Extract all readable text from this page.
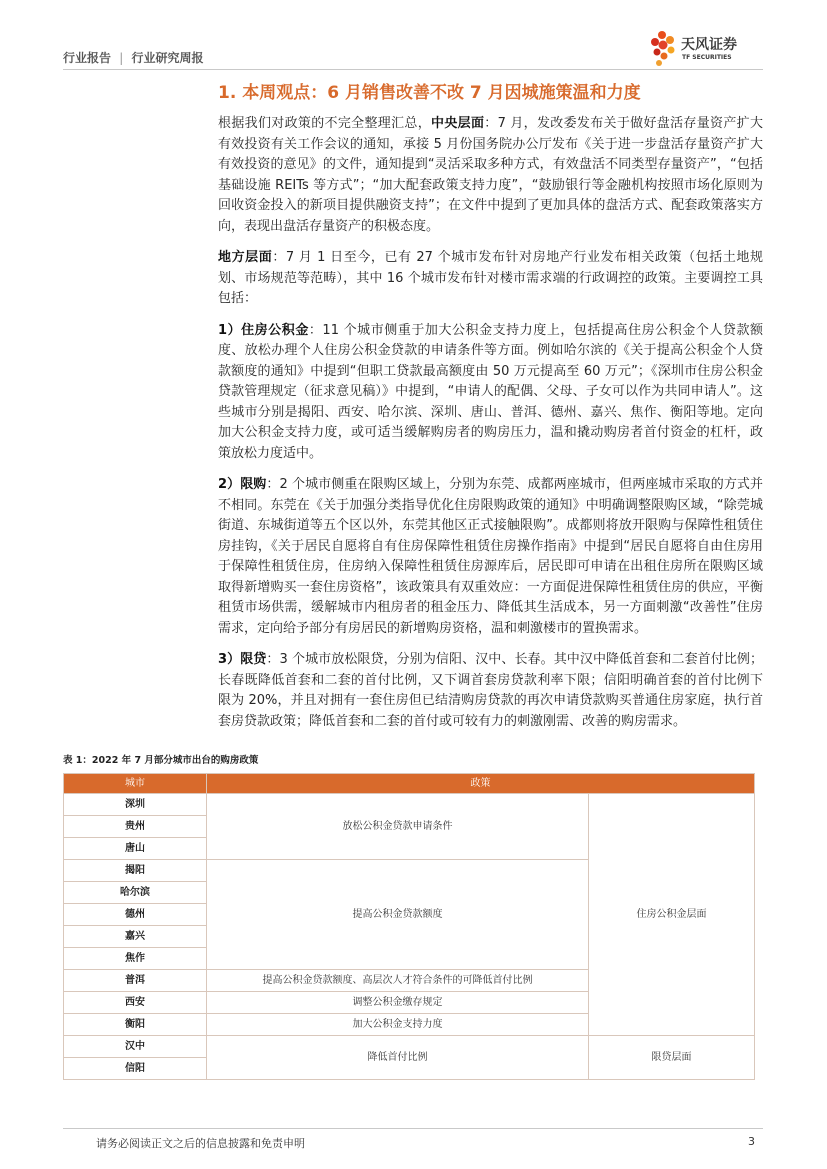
行业报告 | 行业研究周报
天风证券
TF SECURITIES
1. 本周观点：6 月销售改善不改 7 月因城施策温和力度

根据我们对政策的不完全整理汇总，中央层面：7 月，发改委发布关于做好盘活存量资产扩大有效投资有关工作会议的通知，承接 5 月份国务院办公厅发布《关于进一步盘活存量资产扩大有效投资的意见》的文件，通知提到“灵活采取多种方式，有效盘活不同类型存量资产”，“包括基础设施 REITs 等方式”；“加大配套政策支持力度”，“鼓励银行等金融机构按照市场化原则为回收资金投入的新项目提供融资支持”；在文件中提到了更加具体的盘活方式、配套政策落实方向，表现出盘活存量资产的积极态度。

地方层面：7 月 1 日至今，已有 27 个城市发布针对房地产行业发布相关政策（包括土地规划、市场规范等范畴），其中 16 个城市发布针对楼市需求端的行政调控的政策。主要调控工具包括：

1）住房公积金：11 个城市侧重于加大公积金支持力度上，包括提高住房公积金个人贷款额度、放松办理个人住房公积金贷款的申请条件等方面。例如哈尔滨的《关于提高公积金个人贷款额度的通知》中提到“但职工贷款最高额度由 50 万元提高至 60 万元”；《深圳市住房公积金贷款管理规定（征求意见稿）》中提到，“申请人的配偶、父母、子女可以作为共同申请人”。这些城市分别是揭阳、西安、哈尔滨、深圳、唐山、普洱、德州、嘉兴、焦作、衡阳等地。定向加大公积金支持力度，或可适当缓解购房者的购房压力，温和撬动购房者首付资金的杠杆，政策放松力度适中。

2）限购：2 个城市侧重在限购区域上，分别为东莞、成都两座城市，但两座城市采取的方式并不相同。东莞在《关于加强分类指导优化住房限购政策的通知》中明确调整限购区域，“除莞城街道、东城街道等五个区以外，东莞其他区正式接触限购”。成都则将放开限购与保障性租赁住房挂钩，《关于居民自愿将自有住房保障性租赁住房操作指南》中提到“居民自愿将自由住房用于保障性租赁住房，住房纳入保障性租赁住房源库后，居民即可申请在出租住房所在限购区域取得新增购买一套住房资格”，该政策具有双重效应：一方面促进保障性租赁住房的供应，平衡租赁市场供需，缓解城市内租房者的租金压力、降低其生活成本，另一方面刺激“改善性”住房需求，定向给予部分有房居民的新增购房资格，温和刺激楼市的置换需求。

3）限贷：3 个城市放松限贷，分别为信阳、汉中、长春。其中汉中降低首套和二套首付比例；长春既降低首套和二套的首付比例，又下调首套房贷款利率下限；信阳明确首套的首付比例下限为 20%，并且对拥有一套住房但已结清购房贷款的再次申请贷款购买普通住房家庭，执行首套房贷款政策；降低首套和二套的首付或可较有力的刺激刚需、改善的购房需求。

表 1：2022 年 7 月部分城市出台的购房政策
城市	政策	
深圳	放松公积金贷款申请条件	住房公积金层面
贵州		
唐山		
揭阳	提高公积金贷款额度	
哈尔滨		
德州		
嘉兴		
焦作		
普洱	提高公积金贷款额度、高层次人才符合条件的可降低首付比例	
西安	调整公积金缴存规定	
衡阳	加大公积金支持力度	
汉中	降低首付比例	限贷层面
信阳		
请务必阅读正文之后的信息披露和免责申明	3
